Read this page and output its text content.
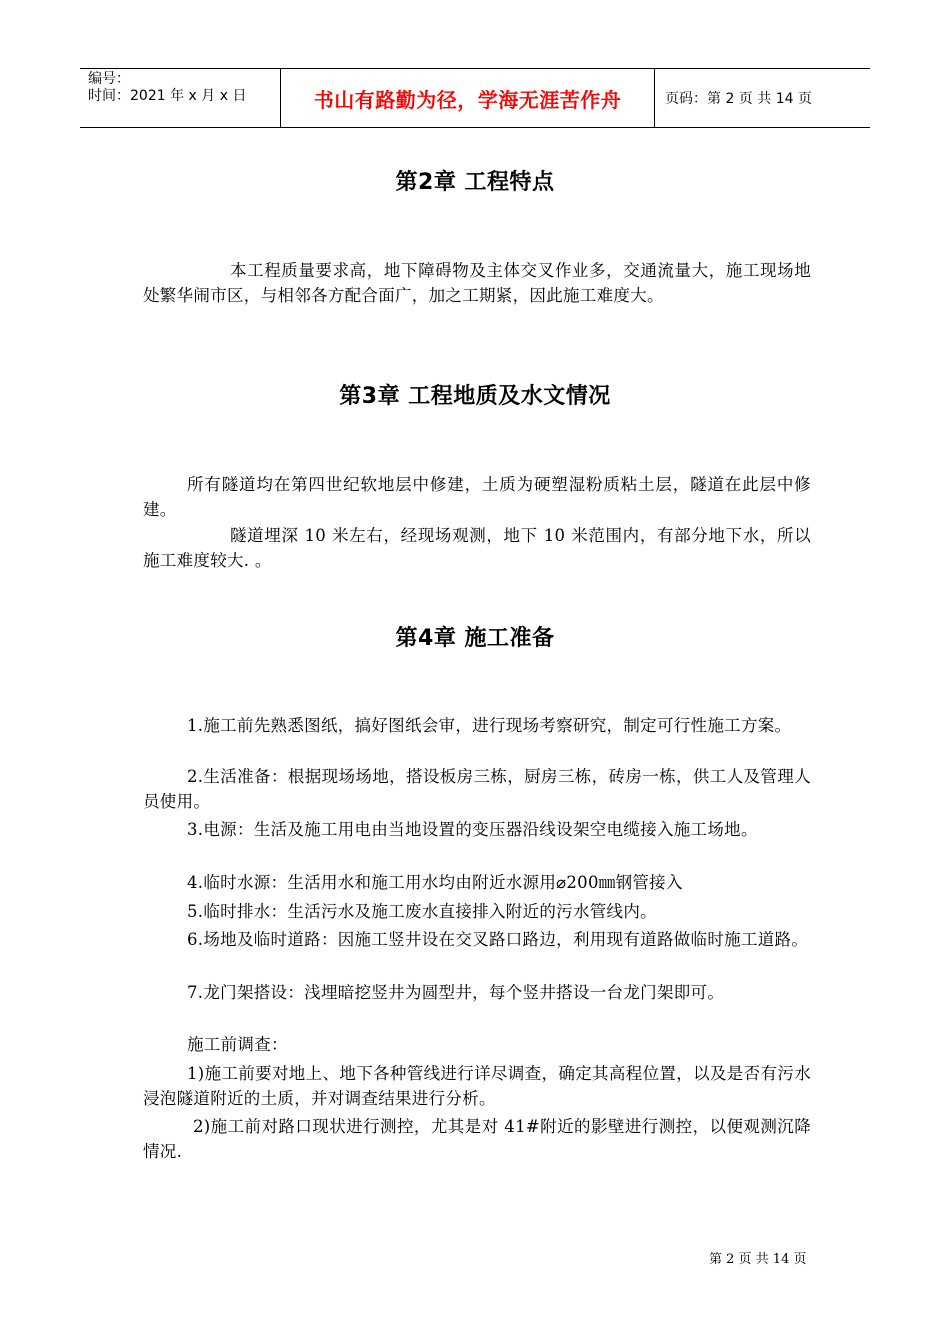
编号：
时间：2021 年 x 月 x 日	书山有路勤为径，学海无涯苦作舟	页码：第 2 页 共 14 页
第2章 工程特点
本工程质量要求高，地下障碍物及主体交叉作业多，交通流量大，施工现场地处繁华闹市区，与相邻各方配合面广，加之工期紧，因此施工难度大。
第3章 工程地质及水文情况
所有隧道均在第四世纪软地层中修建，土质为硬塑湿粉质粘土层，隧道在此层中修建。
隧道埋深 10 米左右，经现场观测，地下 10 米范围内，有部分地下水，所以施工难度较大. 。
第4章 施工准备
1.施工前先熟悉图纸，搞好图纸会审，进行现场考察研究，制定可行性施工方案。
2.生活准备：根据现场场地，搭设板房三栋，厨房三栋，砖房一栋，供工人及管理人员使用。
3.电源：生活及施工用电由当地设置的变压器沿线设架空电缆接入施工场地。
4.临时水源：生活用水和施工用水均由附近水源用⌀200㎜钢管接入
5.临时排水：生活污水及施工废水直接排入附近的污水管线内。
6.场地及临时道路：因施工竖井设在交叉路口路边，利用现有道路做临时施工道路。
7.龙门架搭设：浅埋暗挖竖井为圆型井，每个竖井搭设一台龙门架即可。
施工前调查：
1)施工前要对地上、地下各种管线进行详尽调查，确定其高程位置，以及是否有污水浸泡隧道附近的土质，并对调查结果进行分析。
2)施工前对路口现状进行测控，尤其是对 41#附近的影壁进行测控，以便观测沉降情况.
第 2 页 共 14 页
